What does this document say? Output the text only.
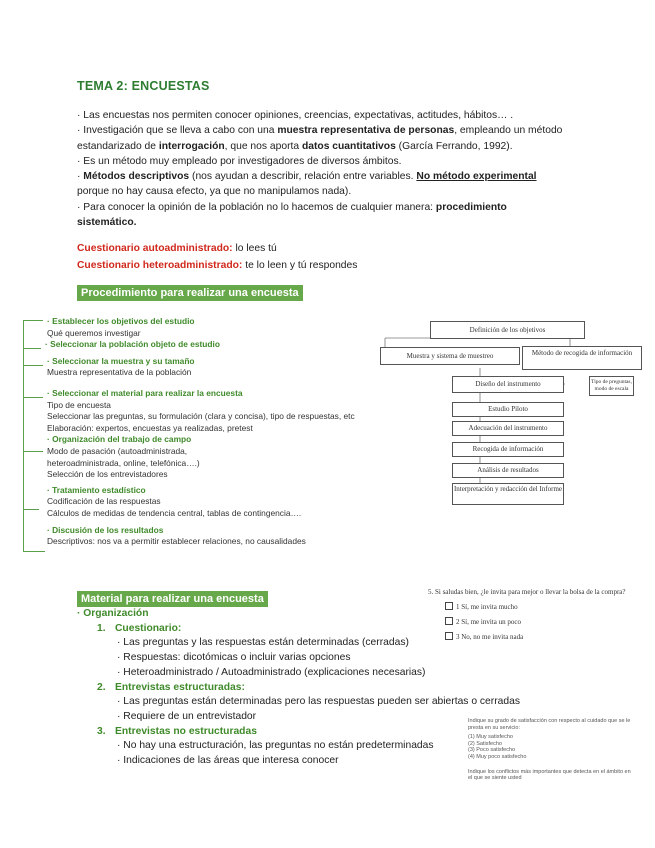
TEMA 2: ENCUESTAS

· Las encuestas nos permiten conocer opiniones, creencias, expectativas, actitudes, hábitos… .

· Investigación que se lleva a cabo con una muestra representativa de personas, empleando un método

estandarizado de interrogación, que nos aporta datos cuantitativos (García Ferrando, 1992).

· Es un método muy empleado por investigadores de diversos ámbitos.

· Métodos descriptivos (nos ayudan a describir, relación entre variables. No método experimental

porque no hay causa efecto, ya que no manipulamos nada).

· Para conocer la opinión de la población no lo hacemos de cualquier manera: procedimiento

sistemático.

Cuestionario autoadministrado: lo lees tú
Cuestionario heteroadministrado: te lo leen y tú respondes
Procedimiento para realizar una encuesta
· Establecer los objetivos del estudio
Qué queremos investigar
· Seleccionar la población objeto de estudio
· Seleccionar la muestra y su tamaño
Muestra representativa de la población
· Seleccionar el material para realizar la encuesta
Tipo de encuesta
Seleccionar las preguntas, su formulación (clara y concisa), tipo de respuestas, etc
Elaboración: expertos, encuestas ya realizadas, pretest
· Organización del trabajo de campo
Modo de pasación (autoadministrada,
heteroadministrada, online, telefónica….)
Selección de los entrevistadores
· Tratamiento estadístico
Codificación de las respuestas
Cálculos de medidas de tendencia central, tablas de contingencia….
· Discusión de los resultados
Descriptivos: nos va a permitir establecer relaciones, no causalidades
Definición de los objetivos
Muestra y sistema de muestreo	Método de recogida de información
Diseño del instrumento	Tipo de preguntas, modo de escala
Estudio Piloto
Adecuación del instrumento
Recogida de información
Análisis de resultados
Interpretación y redacción del Informe
Material para realizar una encuesta
· Organización
1. Cuestionario:
· Las preguntas y las respuestas están determinadas (cerradas)
· Respuestas: dicotómicas o incluir varias opciones
· Heteroadministrado / Autoadministrado (explicaciones necesarias)
2. Entrevistas estructuradas:
· Las preguntas están determinadas pero las respuestas pueden ser abiertas o cerradas
· Requiere de un entrevistador
3. Entrevistas no estructuradas
· No hay una estructuración, las preguntas no están predeterminadas
· Indicaciones de las áreas que interesa conocer
5. Si saludas bien, ¿le invita para mejor o llevar la bolsa de la compra?
1 Sí, me invita mucho
2 Sí, me invita un poco
3 No, no me invita nada
Indique su grado de satisfacción con respecto al cuidado que se le presta en su servicio:
(1) Muy satisfecho
(2) Satisfecho
(3) Poco satisfecho
(4) Muy poco satisfecho
Indique los conflictos más importantes que detecta en el ámbito en el que se siente usted
